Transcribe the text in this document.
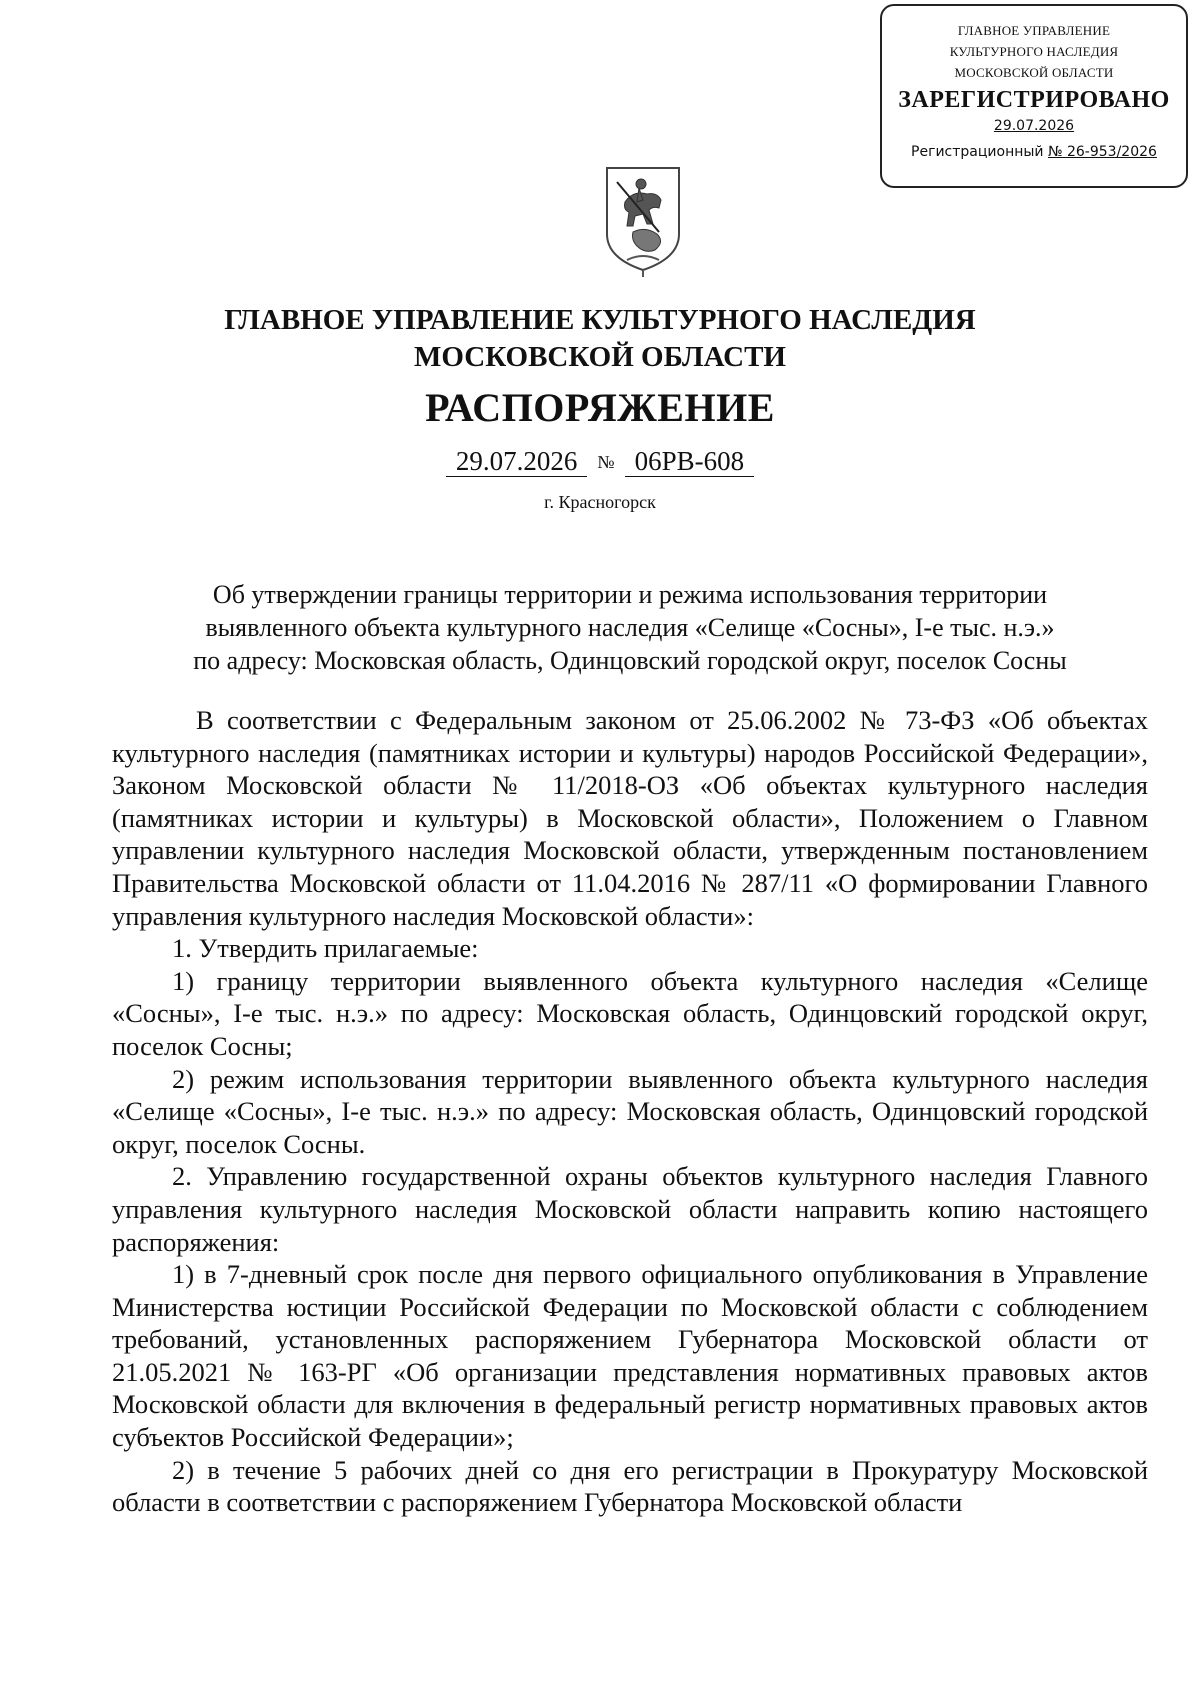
ГЛАВНОЕ УПРАВЛЕНИЕ
КУЛЬТУРНОГО НАСЛЕДИЯ
МОСКОВСКОЙ ОБЛАСТИ
ЗАРЕГИСТРИРОВАНО
29.07.2026
Регистрационный № 26-953/2026
ГЛАВНОЕ УПРАВЛЕНИЕ КУЛЬТУРНОГО НАСЛЕДИЯ
МОСКОВСКОЙ ОБЛАСТИ
РАСПОРЯЖЕНИЕ
29.07.2026 № 06РВ-608
г. Красногорск
Об утверждении границы территории и режима использования территории
выявленного объекта культурного наследия «Селище «Сосны», I-е тыс. н.э.»
по адресу: Московская область, Одинцовский городской округ, поселок Сосны

В соответствии с Федеральным законом от 25.06.2002 № 73-ФЗ «Об объектах культурного наследия (памятниках истории и культуры) народов Российской Федерации», Законом Московской области № 11/2018-ОЗ «Об объектах культурного наследия (памятниках истории и культуры) в Московской области», Положением о Главном управлении культурного наследия Московской области, утвержденным постановлением Правительства Московской области от 11.04.2016 № 287/11 «О формировании Главного управления культурного наследия Московской области»:

1. Утвердить прилагаемые:

1) границу территории выявленного объекта культурного наследия «Селище «Сосны», I-е тыс. н.э.» по адресу: Московская область, Одинцовский городской округ, поселок Сосны;

2) режим использования территории выявленного объекта культурного наследия «Селище «Сосны», I-е тыс. н.э.» по адресу: Московская область, Одинцовский городской округ, поселок Сосны.

2. Управлению государственной охраны объектов культурного наследия Главного управления культурного наследия Московской области направить копию настоящего распоряжения:

1) в 7-дневный срок после дня первого официального опубликования в Управление Министерства юстиции Российской Федерации по Московской области с соблюдением требований, установленных распоряжением Губернатора Московской области от 21.05.2021 № 163-РГ «Об организации представления нормативных правовых актов Московской области для включения в федеральный регистр нормативных правовых актов субъектов Российской Федерации»;

2) в течение 5 рабочих дней со дня его регистрации в Прокуратуру Московской области в соответствии с распоряжением Губернатора Московской области
